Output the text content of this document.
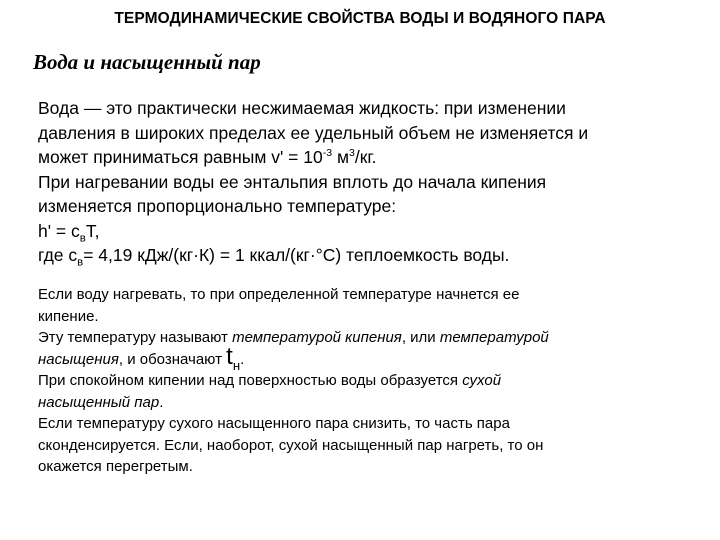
ТЕРМОДИНАМИЧЕСКИЕ СВОЙСТВА ВОДЫ И ВОДЯНОГО ПАРА
Вода и насыщенный пар

Вода — это практически несжимаемая жидкость: при изменении

давления в широких пределах ее удельный объем не изменяется и

может приниматься равным $v' = 10^{-3}$ $м^3/кг$.

При нагревании воды ее энтальпия вплоть до начала кипения

изменяется пропорционально температуре:

$h' = c_вT$,

где $с_в= 4,19$ кДж/(кг·К) = 1 ккал/(кг·°С) теплоемкость воды.

Если воду нагревать, то при определенной температуре начнется ее

кипение.

Эту температуру называют температурой кипения, или температурой

насыщения, и обозначают $t_н$.

При спокойном кипении над поверхностью воды образуется сухой

насыщенный пар.

Если температуру сухого насыщенного пара снизить, то часть пара

сконденсируется. Если, наоборот, сухой насыщенный пар нагреть, то он

окажется перегретым.
